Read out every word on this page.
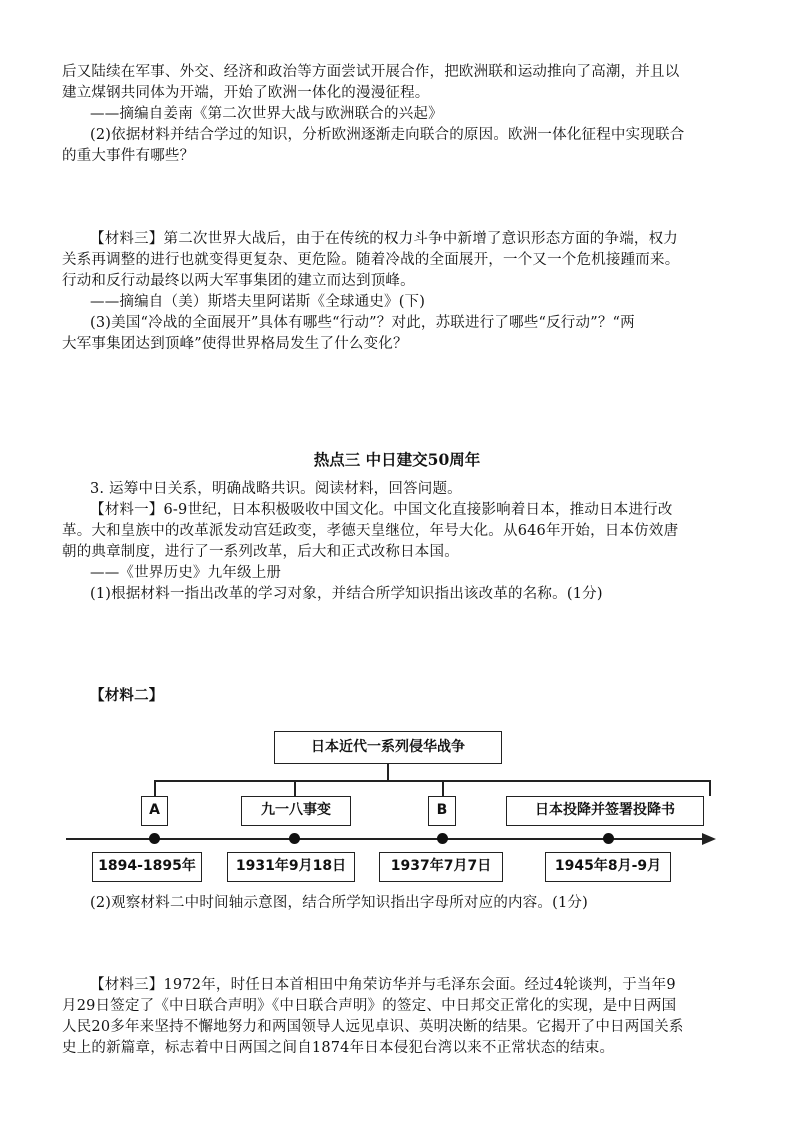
后又陆续在军事、外交、经济和政治等方面尝试开展合作，把欧洲联和运动推向了高潮，并且以
建立煤钢共同体为开端，开始了欧洲一体化的漫漫征程。
——摘编自姜南《第二次世界大战与欧洲联合的兴起》
(2)依据材料并结合学过的知识，分析欧洲逐渐走向联合的原因。欧洲一体化征程中实现联合
的重大事件有哪些？
【材料三】第二次世界大战后，由于在传统的权力斗争中新增了意识形态方面的争端，权力
关系再调整的进行也就变得更复杂、更危险。随着冷战的全面展开，一个又一个危机接踵而来。
行动和反行动最终以两大军事集团的建立而达到顶峰。
——摘编自（美）斯塔夫里阿诺斯《全球通史》(下)
(3)美国“冷战的全面展开”具体有哪些“行动”？对此，苏联进行了哪些“反行动”？“两
大军事集团达到顶峰”使得世界格局发生了什么变化？
热点三 中日建交50周年
3. 运筹中日关系，明确战略共识。阅读材料，回答问题。
【材料一】6-9世纪，日本积极吸收中国文化。中国文化直接影响着日本，推动日本进行改
革。大和皇族中的改革派发动宫廷政变，孝德天皇继位，年号大化。从646年开始，日本仿效唐
朝的典章制度，进行了一系列改革，后大和正式改称日本国。
——《世界历史》九年级上册
(1)根据材料一指出改革的学习对象，并结合所学知识指出该改革的名称。(1分)
【材料二】
日本近代一系列侵华战争
A	九一八事变	B	日本投降并签署投降书
1894-1895年	1931年9月18日	1937年7月7日	1945年8月-9月
(2)观察材料二中时间轴示意图，结合所学知识指出字母所对应的内容。(1分)
【材料三】1972年，时任日本首相田中角荣访华并与毛泽东会面。经过4轮谈判，于当年9
月29日签定了《中日联合声明》《中日联合声明》的签定、中日邦交正常化的实现，是中日两国
人民20多年来坚持不懈地努力和两国领导人远见卓识、英明决断的结果。它揭开了中日两国关系
史上的新篇章，标志着中日两国之间自1874年日本侵犯台湾以来不正常状态的结束。
